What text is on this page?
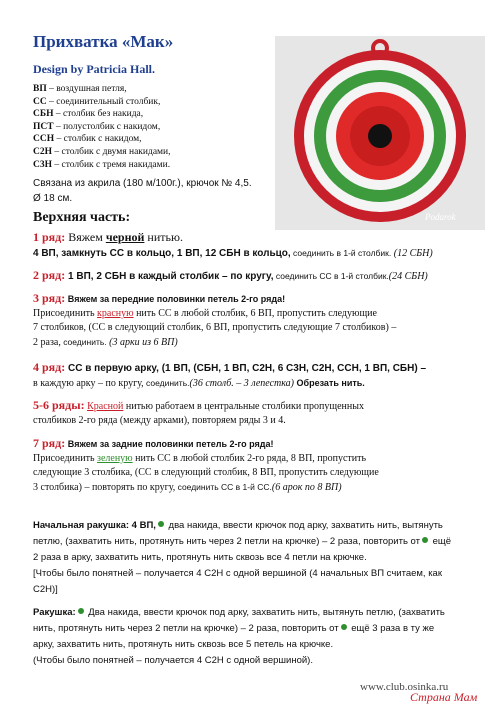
Прихватка «Мак»
Design by Patricia Hall.
ВП – воздушная петля,
СС – соединительный столбик,
СБН – столбик без накида,
ПСТ – полустолбик с накидом,
ССН – столбик с накидом,
С2Н – столбик с двумя накидами,
С3Н – столбик с тремя накидами.
Связана из акрила (180 м/100г.), крючок № 4,5.
Ø 18 см.
Podarok
Верхняя часть:
1 ряд: Вяжем черной нитью.
4 ВП, замкнуть СС в кольцо, 1 ВП, 12 СБН в кольцо, соединить в 1-й столбик. (12 СБН)
2 ряд: 1 ВП, 2 СБН в каждый столбик – по кругу, соединить СС в 1-й столбик.(24 СБН)
3 ряд: Вяжем за передние половинки петель 2-го ряда!
Присоединить красную нить СС в любой столбик, 6 ВП, пропустить следующие
7 столбиков, (СС в следующий столбик, 6 ВП, пропустить следующие 7 столбиков) –
2 раза, соединить. (3 арки из 6 ВП)
4 ряд: СС в первую арку, (1 ВП, (СБН, 1 ВП, С2Н, 6 С3Н, С2Н, ССН, 1 ВП, СБН) –
в каждую арку – по кругу, соединить.(36 столб. – 3 лепестка) Обрезать нить.
5-6 ряды: Красной нитью работаем в центральные столбики пропущенных
столбиков 2-го ряда (между арками), повторяем ряды 3 и 4.
7 ряд: Вяжем за задние половинки петель 2-го ряда!
Присоединить зеленую нить СС в любой столбик 2-го ряда, 8 ВП, пропустить
следующие 3 столбика, (СС в следующий столбик, 8 ВП, пропустить следующие
3 столбика) – повторять по кругу, соединить СС в 1-й СС.(6 арок по 8 ВП)
Начальная ракушка: 4 ВП, два накида, ввести крючок под арку, захватить нить, вытянуть
петлю, (захватить нить, протянуть нить через 2 петли на крючке) – 2 раза, повторить от ещё
2 раза в арку, захватить нить, протянуть нить сквозь все 4 петли на крючке.
[Чтобы было понятней – получается 4 С2Н с одной вершиной (4 начальных ВП считаем, как
С2Н)]
Ракушка: Два накида, ввести крючок под арку, захватить нить, вытянуть петлю, (захватить
нить, протянуть нить через 2 петли на крючке) – 2 раза, повторить от ещё 3 раза в ту же
арку, захватить нить, протянуть нить сквозь все 5 петель на крючке.
(Чтобы было понятней – получается 4 С2Н с одной вершиной).
www.club.osinka.ru
Страна Мам
